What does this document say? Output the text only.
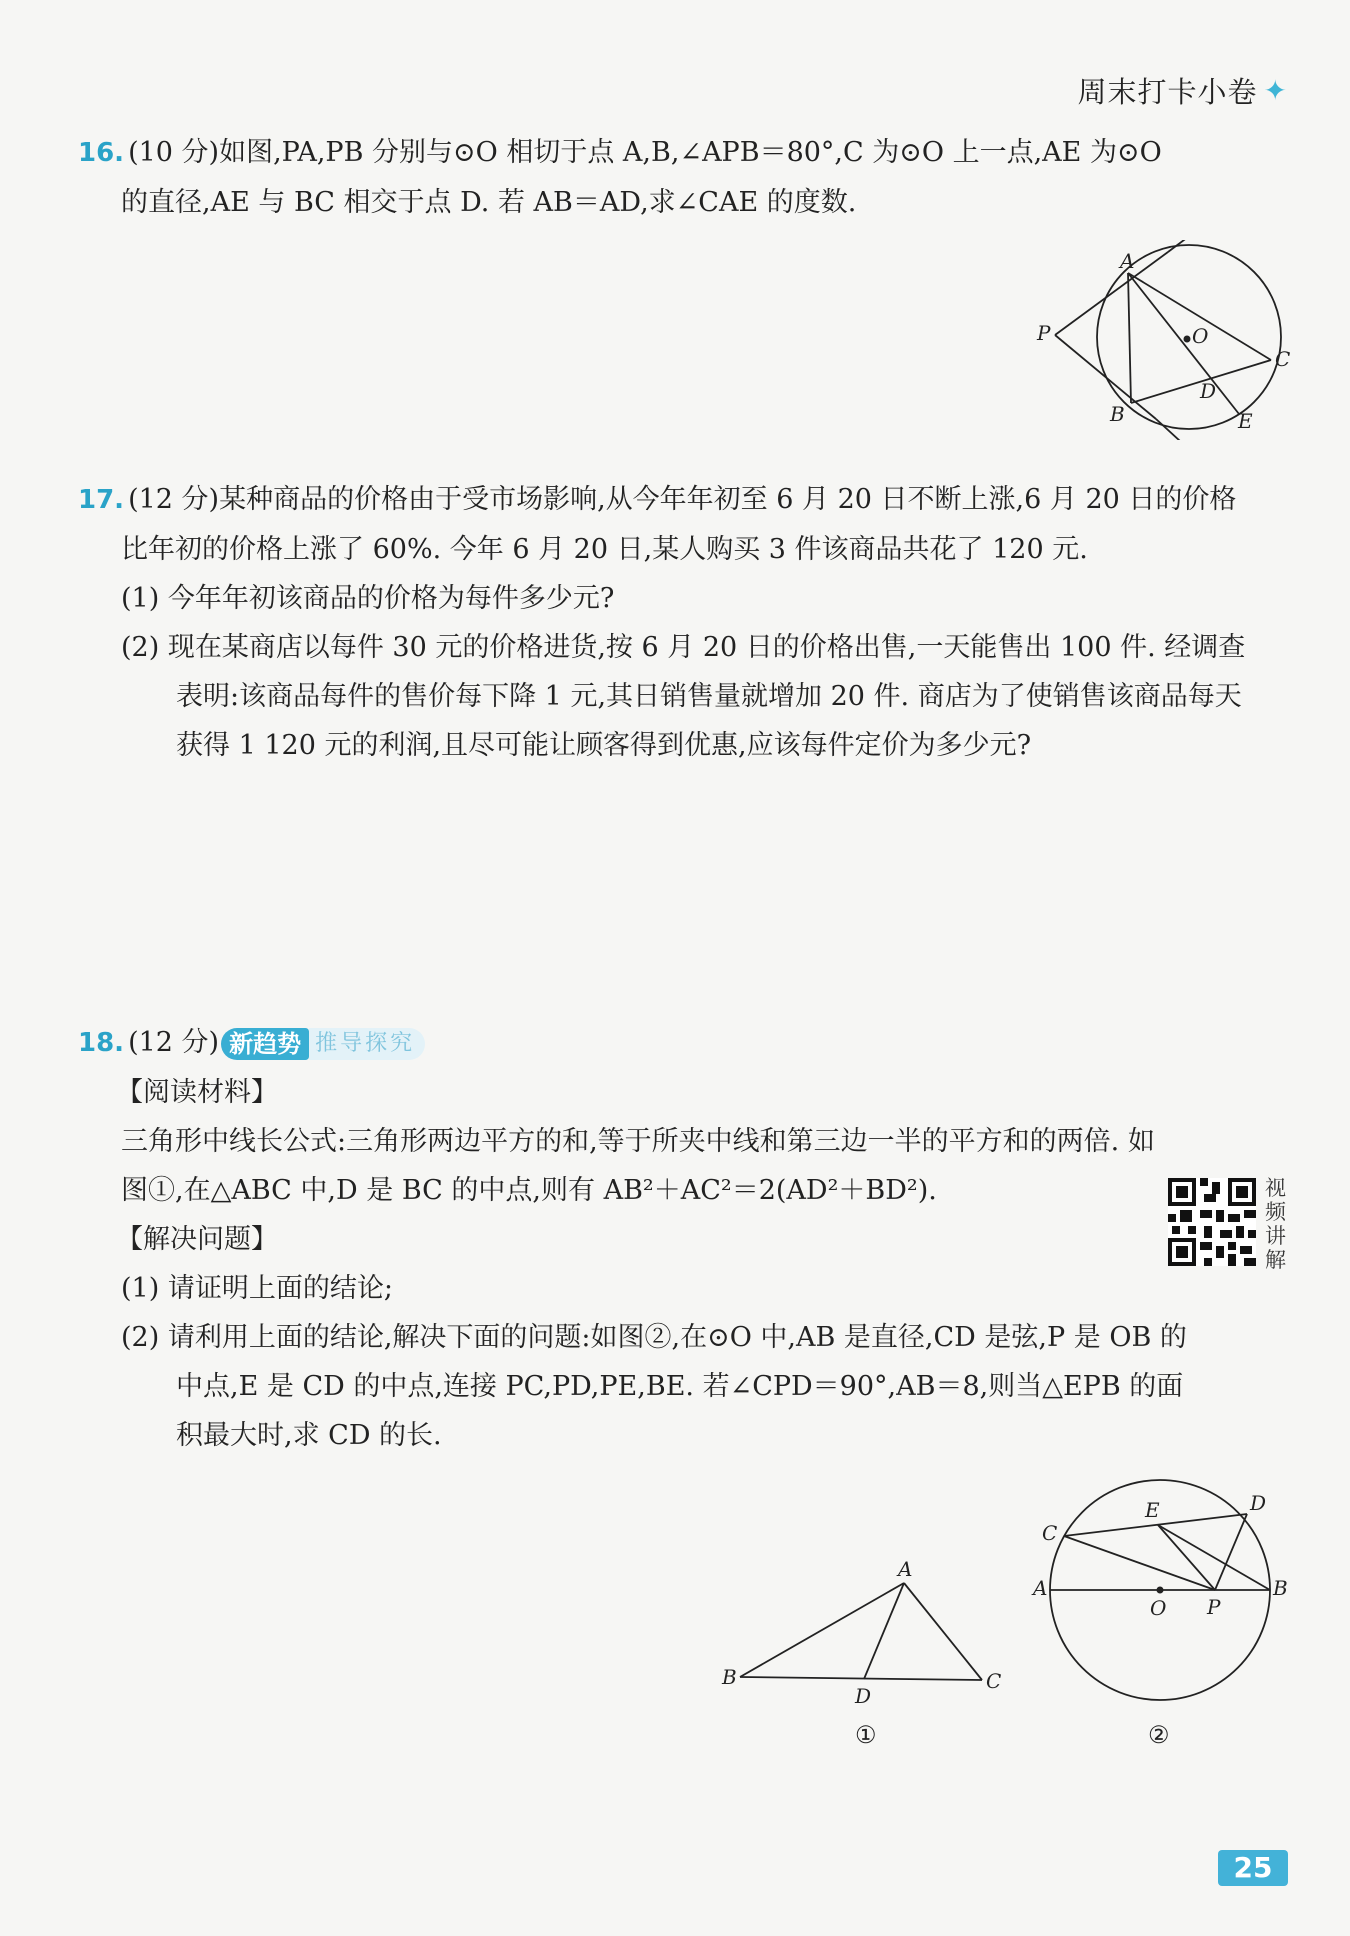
周末打卡小卷 ✦
16. (10 分)如图,PA,PB 分别与⊙O 相切于点 A,B,∠APB＝80°,C 为⊙O 上一点,AE 为⊙O
的直径,AE 与 BC 相交于点 D. 若 AB＝AD,求∠CAE 的度数.
A
O
P
C
D
B	E
17. (12 分)某种商品的价格由于受市场影响,从今年年初至 6 月 20 日不断上涨,6 月 20 日的价格
比年初的价格上涨了 60%. 今年 6 月 20 日,某人购买 3 件该商品共花了 120 元.
(1) 今年年初该商品的价格为每件多少元?
(2) 现在某商店以每件 30 元的价格进货,按 6 月 20 日的价格出售,一天能售出 100 件. 经调查
表明:该商品每件的售价每下降 1 元,其日销售量就增加 20 件. 商店为了使销售该商品每天
获得 1 120 元的利润,且尽可能让顾客得到优惠,应该每件定价为多少元?
18. (12 分) 新趋势 推导探究
【阅读材料】
三角形中线长公式:三角形两边平方的和,等于所夹中线和第三边一半的平方和的两倍. 如
图①,在△ABC 中,D 是 BC 的中点,则有 AB²＋AC²＝2(AD²＋BD²).
【解决问题】
(1) 请证明上面的结论;
(2) 请利用上面的结论,解决下面的问题:如图②,在⊙O 中,AB 是直径,CD 是弦,P 是 OB 的
中点,E 是 CD 的中点,连接 PC,PD,PE,BE. 若∠CPD＝90°,AB＝8,则当△EPB 的面
积最大时,求 CD 的长.
视频讲解
A
B	C
D
①
C
E	D
A
O P
B
②
25
